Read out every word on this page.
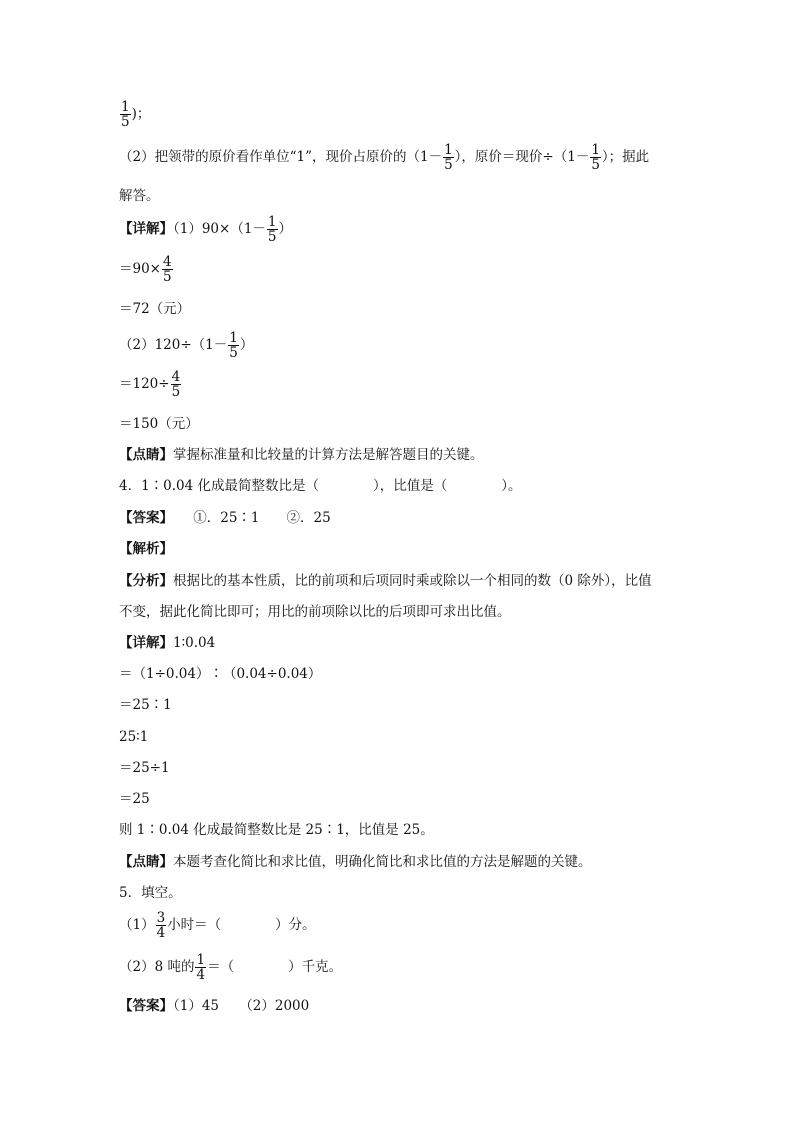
$\frac{1}{5}$ )；
（2）把领带的原价看作单位“1”，现价占原价的（$1- \frac{1}{5}$ ），原价＝现价$\div(1- \frac{1}{5}$ ）；据此
解答。
【详解】$(1)90\times(1- \frac{1}{5}$ ）
$=90\times \frac{4}{5}$
＝72（元）
$(2)120\div(1- \frac{1}{5}$ ）
$=120\div \frac{4}{5}$
＝150（元）
【点睛】掌握标准量和比较量的计算方法是解答题目的关键。
4．1∶0.04 化成最简整数比是（　　　　），比值是（　　　　）。
【答案】　　①．25∶1　　②．25
【解析】
【分析】根据比的基本性质，比的前项和后项同时乘或除以一个相同的数（0 除外），比值
不变，据此化简比即可；用比的前项除以比的后项即可求出比值。
【详解】1∶0.04
＝（1÷0.04）∶（0.04÷0.04）
＝25∶1
25∶1
＝25÷1
＝25
则 1∶0.04 化成最简整数比是 25∶1，比值是 25。
【点睛】本题考查化简比和求比值，明确化简比和求比值的方法是解题的关键。
5．填空。
$(1) \frac{3}{4}$ 小时＝（　　　　）分。
（2）8 吨的 $\frac{1}{4}$ ＝（　　　　）千克。
【答案】（1）45　　（2）2000
